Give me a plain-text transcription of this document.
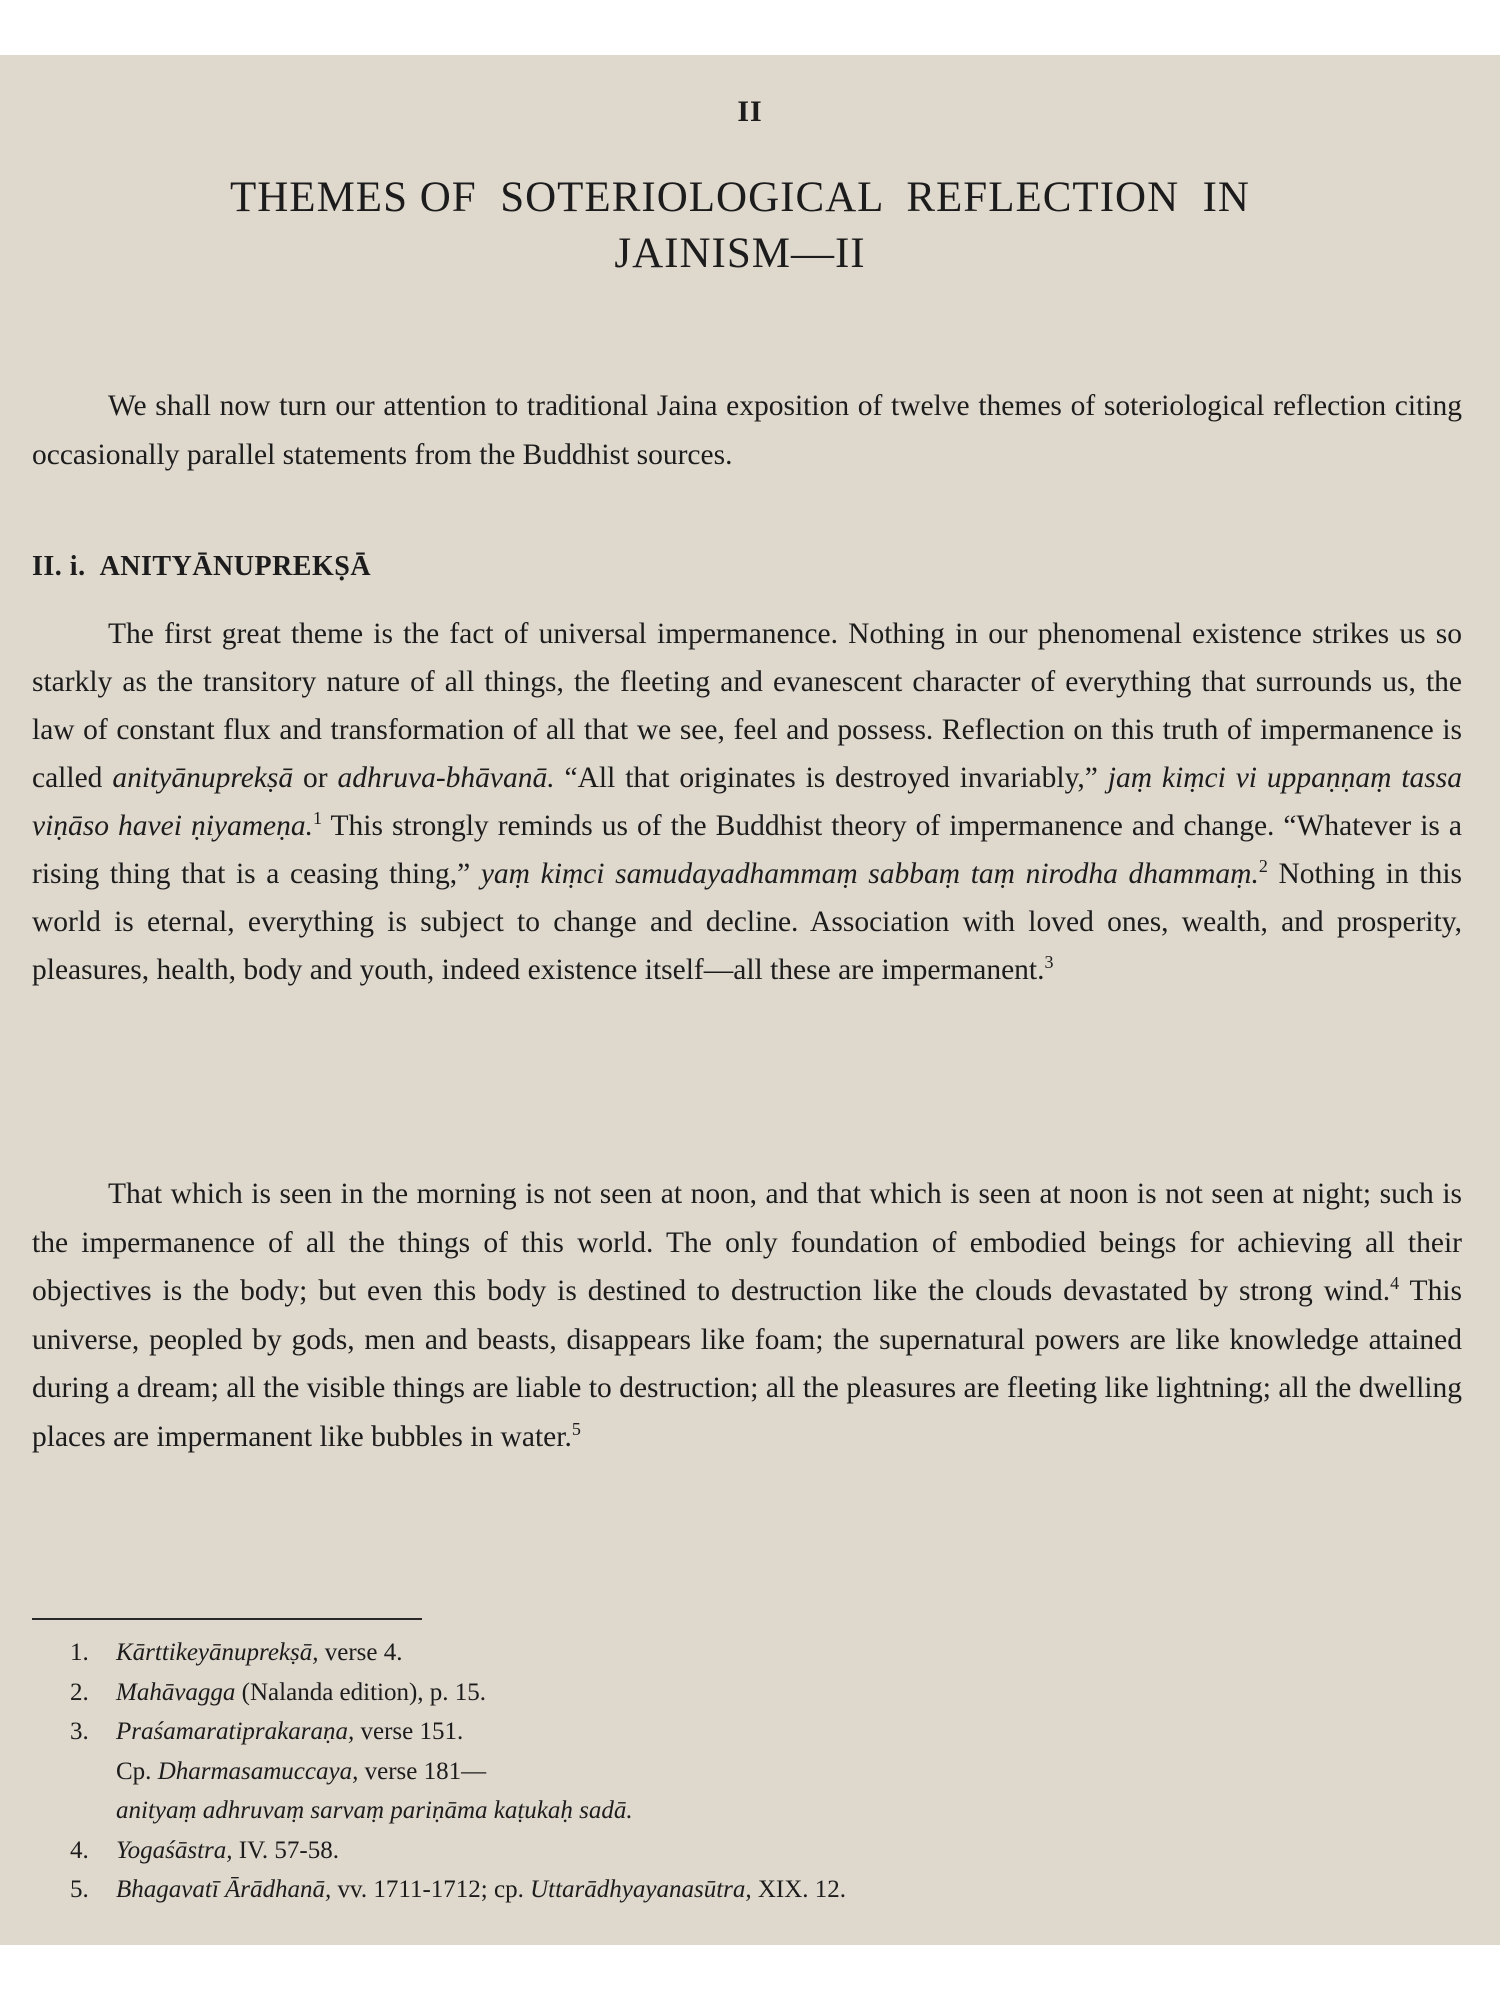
II
THEMES OF  SOTERIOLOGICAL  REFLECTION  IN
JAINISM—II

We shall now turn our attention to traditional Jaina exposition of twelve themes of soteriological reflection citing occasionally parallel statements from the Buddhist sources.

II. i. ANITYĀNUPREKṢĀ

The first great theme is the fact of universal impermanence. Nothing in our phenomenal existence strikes us so starkly as the transitory nature of all things, the fleeting and evanescent character of everything that surrounds us, the law of constant flux and transformation of all that we see, feel and possess. Reflection on this truth of impermanence is called anityānuprekṣā or adhruva-bhāvanā. “All that originates is destroyed invariably,” jaṃ kiṃci vi uppaṇṇaṃ tassa viṇāso havei ṇiyameṇa.$^1$ This strongly reminds us of the Buddhist theory of impermanence and change. “Whatever is a rising thing that is a ceasing thing,” yaṃ kiṃci samudayadhammaṃ sabbaṃ taṃ nirodha dhammaṃ.$^2$ Nothing in this world is eternal, everything is subject to change and decline. Association with loved ones, wealth, and prosperity, pleasures, health, body and youth, indeed existence itself—all these are impermanent.$^3$

That which is seen in the morning is not seen at noon, and that which is seen at noon is not seen at night; such is the impermanence of all the things of this world. The only foundation of embodied beings for achieving all their objectives is the body; but even this body is destined to destruction like the clouds devastated by strong wind.$^4$ This universe, peopled by gods, men and beasts, disappears like foam; the supernatural powers are like knowledge attained during a dream; all the visible things are liable to destruction; all the pleasures are fleeting like lightning; all the dwelling places are impermanent like bubbles in water.$^5$

1. Kārttikeyānuprekṣā, verse 4.
2. Mahāvagga (Nalanda edition), p. 15.
3. Praśamaratiprakaraṇa, verse 151.
Cp. Dharmasamuccaya, verse 181—
anityaṃ adhruvaṃ sarvaṃ pariṇāma kaṭukaḥ sadā.
4. Yogaśāstra, IV. 57-58.
5. Bhagavatī Ārādhanā, vv. 1711-1712; cp. Uttarādhyayanasūtra, XIX. 12.
